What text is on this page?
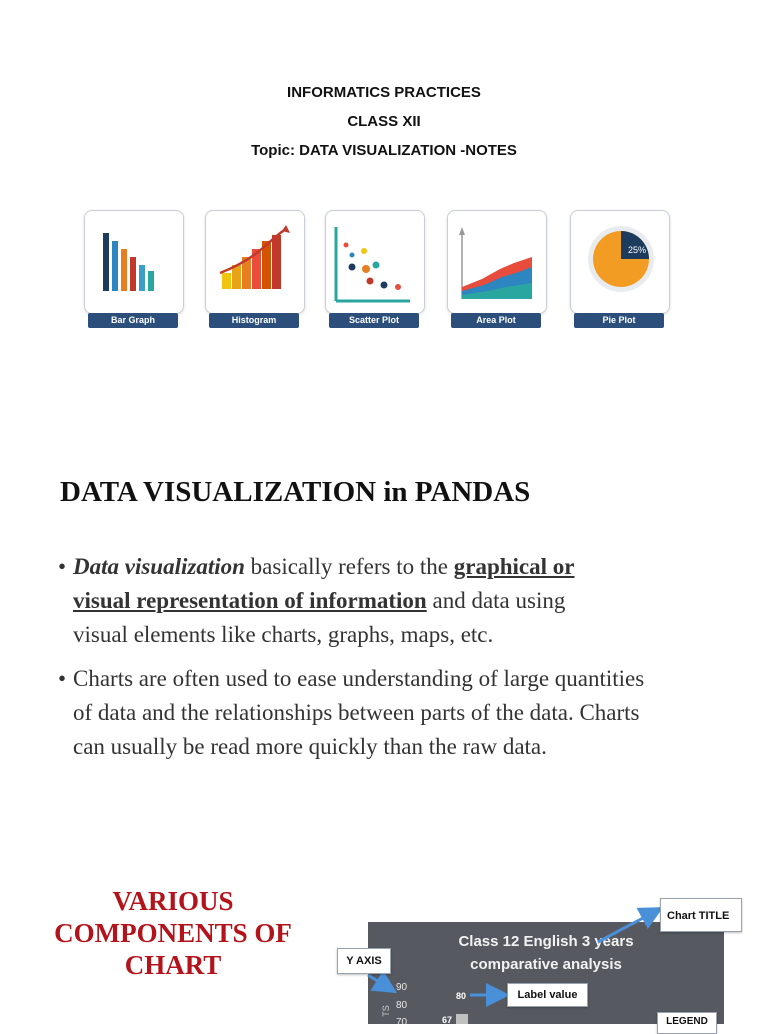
INFORMATICS PRACTICES
CLASS XII
Topic: DATA VISUALIZATION -NOTES
Bar Graph	Histogram	Scatter Plot	Area Plot
25%
Pie Plot
DATA VISUALIZATION in PANDAS
• Data visualization basically refers to the graphical or
visual representation of information and data using
visual elements like charts, graphs, maps, etc.
• Charts are often used to ease understanding of large quantities
of data and the relationships between parts of the data. Charts
can usually be read more quickly than the raw data.
VARIOUS
COMPONENTS OF
CHART
Class 12 English 3 years
comparative analysis
TS
90
80
70
80
67
Chart TITLE
Y AXIS
Label value
LEGEND
